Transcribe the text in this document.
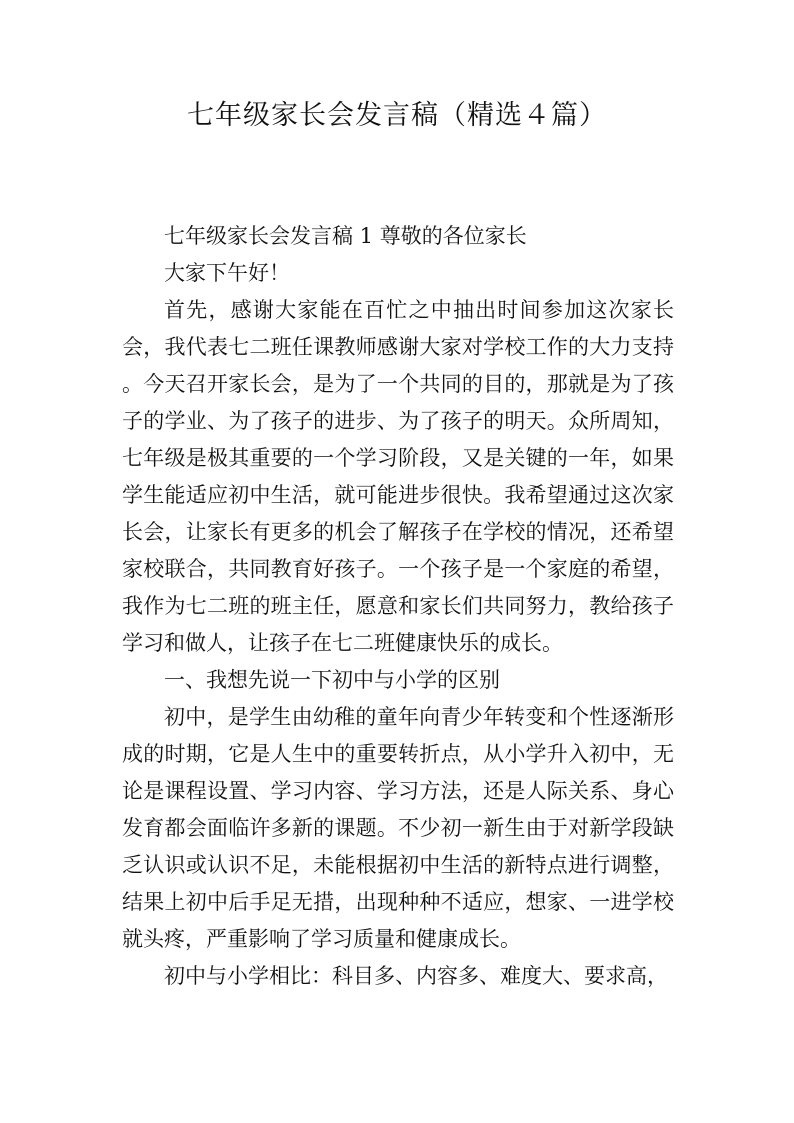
七年级家长会发言稿（精选４篇）

七年级家长会发言稿 1 尊敬的各位家长

大家下午好！

首先，感谢大家能在百忙之中抽出时间参加这次家长会，我代表七二班任课教师感谢大家对学校工作的大力支持 。今天召开家长会，是为了一个共同的目的，那就是为了孩子的学业、为了孩子的进步、为了孩子的明天。众所周知，七年级是极其重要的一个学习阶段，又是关键的一年，如果学生能适应初中生活，就可能进步很快。我希望通过这次家长会，让家长有更多的机会了解孩子在学校的情况，还希望家校联合，共同教育好孩子。一个孩子是一个家庭的希望，我作为七二班的班主任，愿意和家长们共同努力，教给孩子学习和做人，让孩子在七二班健康快乐的成长。

一、我想先说一下初中与小学的区别

初中，是学生由幼稚的童年向青少年转变和个性逐渐形成的时期，它是人生中的重要转折点，从小学升入初中，无论是课程设置、学习内容、学习方法，还是人际关系、身心发育都会面临许多新的课题。不少初一新生由于对新学段缺乏认识或认识不足，未能根据初中生活的新特点进行调整，结果上初中后手足无措，出现种种不适应，想家、一进学校就头疼，严重影响了学习质量和健康成长。

初中与小学相比：科目多、内容多、难度大、要求高，
